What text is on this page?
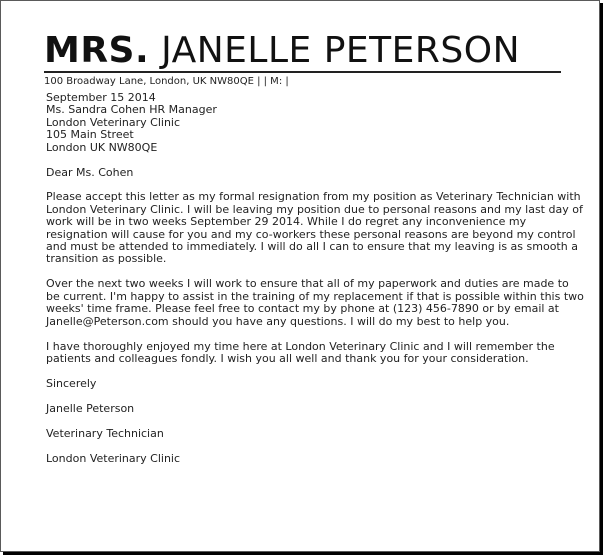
MRS. JANELLE PETERSON
100 Broadway Lane, London, UK NW80QE | | M: |
September 15 2014
Ms. Sandra Cohen HR Manager
London Veterinary Clinic
105 Main Street
London UK NW80QE
Dear Ms. Cohen
Please accept this letter as my formal resignation from my position as Veterinary Technician with
London Veterinary Clinic. I will be leaving my position due to personal reasons and my last day of
work will be in two weeks September 29 2014. While I do regret any inconvenience my
resignation will cause for you and my co-workers these personal reasons are beyond my control
and must be attended to immediately. I will do all I can to ensure that my leaving is as smooth a
transition as possible.
Over the next two weeks I will work to ensure that all of my paperwork and duties are made to
be current. I'm happy to assist in the training of my replacement if that is possible within this two
weeks' time frame. Please feel free to contact my by phone at (123) 456-7890 or by email at
Janelle@Peterson.com should you have any questions. I will do my best to help you.
I have thoroughly enjoyed my time here at London Veterinary Clinic and I will remember the
patients and colleagues fondly. I wish you all well and thank you for your consideration.
Sincerely
Janelle Peterson
Veterinary Technician
London Veterinary Clinic
